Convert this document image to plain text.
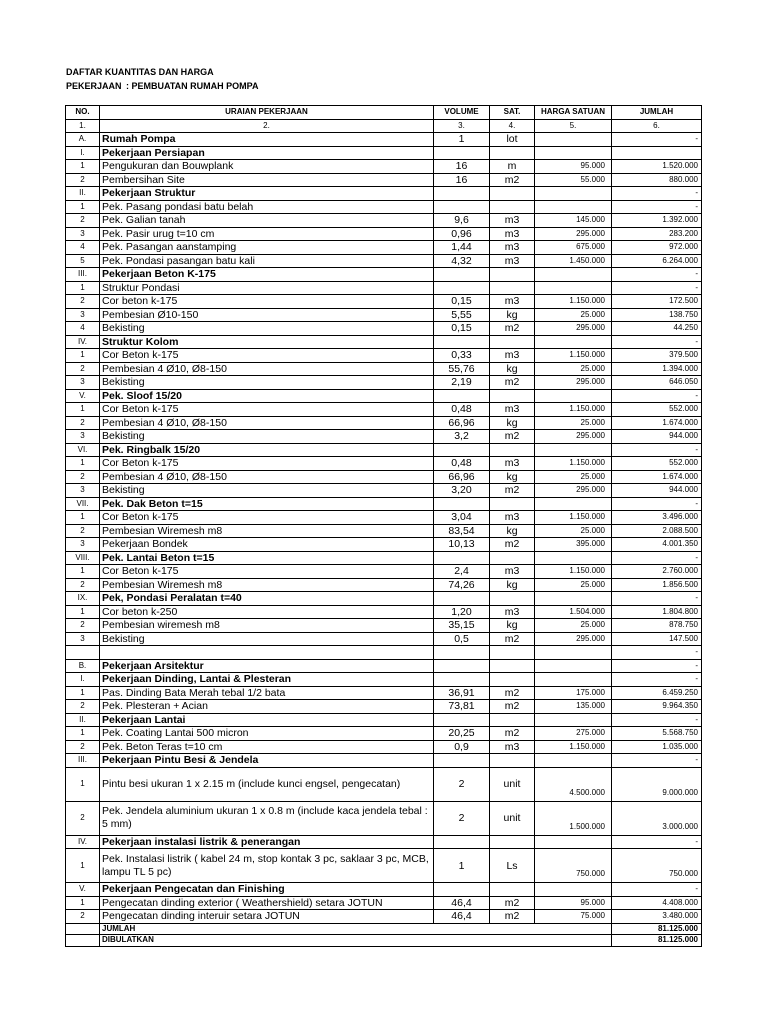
DAFTAR KUANTITAS DAN HARGA
PEKERJAAN : PEMBUATAN RUMAH POMPA
NO.	URAIAN PEKERJAAN	VOLUME	SAT.	HARGA SATUAN	JUMLAH
1.	2.	3.	4.	5.	6.
A.	Rumah Pompa	1	lot		-
I.	Pekerjaan Persiapan				
1	Pengukuran dan Bouwplank	16	m	95.000	1.520.000
2	Pembersihan Site	16	m2	55.000	880.000
II.	Pekerjaan Struktur				-
1	Pek. Pasang pondasi batu belah				-
2	Pek. Galian tanah	9,6	m3	145.000	1.392.000
3	Pek. Pasir urug t=10 cm	0,96	m3	295.000	283.200
4	Pek. Pasangan aanstamping	1,44	m3	675.000	972.000
5	Pek. Pondasi pasangan batu kali	4,32	m3	1.450.000	6.264.000
III.	Pekerjaan Beton K-175				-
1	Struktur Pondasi				-
2	Cor beton k-175	0,15	m3	1.150.000	172.500
3	Pembesian Ø10-150	5,55	kg	25.000	138.750
4	Bekisting	0,15	m2	295.000	44.250
IV.	Struktur Kolom				-
1	Cor Beton k-175	0,33	m3	1.150.000	379.500
2	Pembesian 4 Ø10, Ø8-150	55,76	kg	25.000	1.394.000
3	Bekisting	2,19	m2	295.000	646.050
V.	Pek. Sloof 15/20				-
1	Cor Beton k-175	0,48	m3	1.150.000	552.000
2	Pembesian 4 Ø10, Ø8-150	66,96	kg	25.000	1.674.000
3	Bekisting	3,2	m2	295.000	944.000
VI.	Pek. Ringbalk 15/20				-
1	Cor Beton k-175	0,48	m3	1.150.000	552.000
2	Pembesian 4 Ø10, Ø8-150	66,96	kg	25.000	1.674.000
3	Bekisting	3,20	m2	295.000	944.000
VII.	Pek. Dak Beton t=15				-
1	Cor Beton k-175	3,04	m3	1.150.000	3.496.000
2	Pembesian Wiremesh m8	83,54	kg	25.000	2.088.500
3	Pekerjaan Bondek	10,13	m2	395.000	4.001.350
VIII.	Pek. Lantai Beton t=15				-
1	Cor Beton k-175	2,4	m3	1.150.000	2.760.000
2	Pembesian Wiremesh m8	74,26	kg	25.000	1.856.500
IX.	Pek, Pondasi Peralatan t=40				-
1	Cor beton k-250	1,20	m3	1.504.000	1.804.800
2	Pembesian wiremesh m8	35,15	kg	25.000	878.750
3	Bekisting	0,5	m2	295.000	147.500
					-
B.	Pekerjaan Arsitektur				-
I.	Pekerjaan Dinding, Lantai & Plesteran				-
1	Pas. Dinding Bata Merah tebal 1/2 bata	36,91	m2	175.000	6.459.250
2	Pek. Plesteran + Acian	73,81	m2	135.000	9.964.350
II.	Pekerjaan Lantai				-
1	Pek. Coating Lantai 500 micron	20,25	m2	275.000	5.568.750
2	Pek. Beton Teras t=10 cm	0,9	m3	1.150.000	1.035.000
III.	Pekerjaan Pintu Besi & Jendela				-
1	Pintu besi ukuran 1 x 2.15 m (include kunci engsel, pengecatan)	2	unit	4.500.000	9.000.000
2	Pek. Jendela aluminium ukuran 1 x 0.8 m (include kaca jendela tebal : 5 mm)	2	unit	1.500.000	3.000.000
IV.	Pekerjaan instalasi listrik & penerangan				-
1	Pek. Instalasi listrik ( kabel 24 m, stop kontak 3 pc, saklaar 3 pc, MCB, lampu TL 5 pc)	1	Ls	750.000	750.000
V.	Pekerjaan Pengecatan dan Finishing				-
1	Pengecatan dinding exterior ( Weathershield) setara JOTUN	46,4	m2	95.000	4.408.000
2	Pengecatan dinding interuir setara JOTUN	46,4	m2	75.000	3.480.000
	JUMLAH				81.125.000
	DIBULATKAN				81.125.000
